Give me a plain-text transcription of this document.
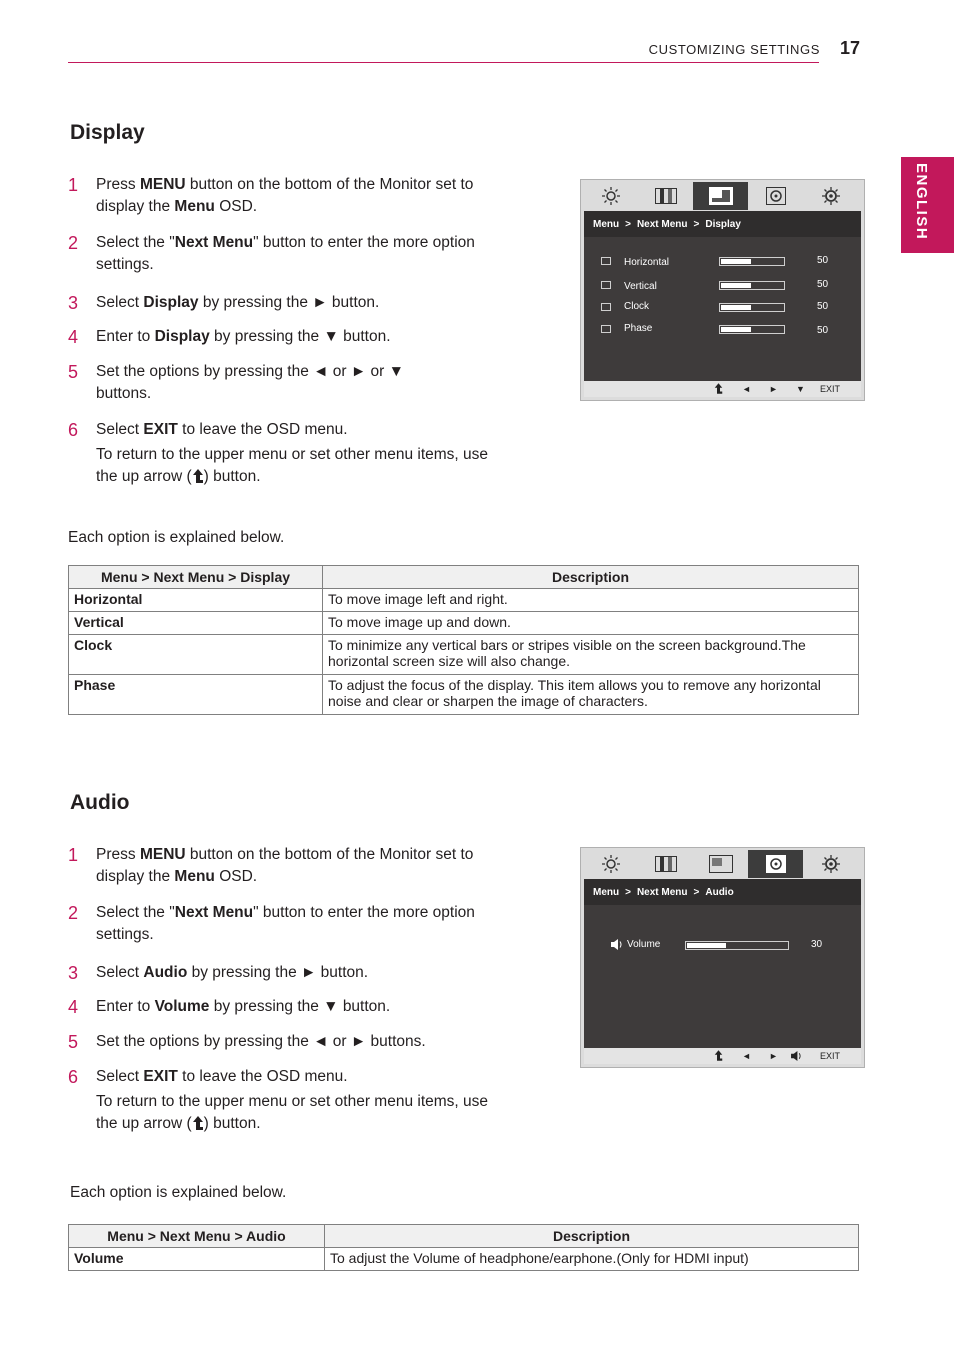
CUSTOMIZING SETTINGS 17
ENGLISH
Display
1 Press MENU button on the bottom of the Monitor set to display the Menu OSD.
2 Select the "Next Menu" button to enter the more option settings.
3 Select Display by pressing the ► button.
4 Enter to Display by pressing the ▼ button.
5 Set the options by pressing the ◄ or ► or ▼ buttons.
6 Select EXIT to leave the OSD menu.
To return to the upper menu or set other menu items, use the up arrow ( ) button.
Menu > Next Menu > Display
Horizontal	50
Vertical	50
Clock	50
Phase	50
◄ ► ▼ EXIT
Each option is explained below.
Menu > Next Menu > Display	Description
Horizontal	To move image left and right.
Vertical	To move image up and down.
Clock	To minimize any vertical bars or stripes visible on the screen background.The horizontal screen size will also change.
Phase	To adjust the focus of the display. This item allows you to remove any horizontal noise and clear or sharpen the image of characters.
Audio
1 Press MENU button on the bottom of the Monitor set to display the Menu OSD.
2 Select the "Next Menu" button to enter the more option settings.
3 Select Audio by pressing the ► button.
4 Enter to Volume by pressing the ▼ button.
5 Set the options by pressing the ◄ or ► buttons.
6 Select EXIT to leave the OSD menu.
To return to the upper menu or set other menu items, use the up arrow ( ) button.
Menu > Next Menu > Audio
Volume	30
◄ ►	EXIT
Each option is explained below.
Menu > Next Menu > Audio	Description
Volume	To adjust the Volume of headphone/earphone.(Only for HDMI input)
